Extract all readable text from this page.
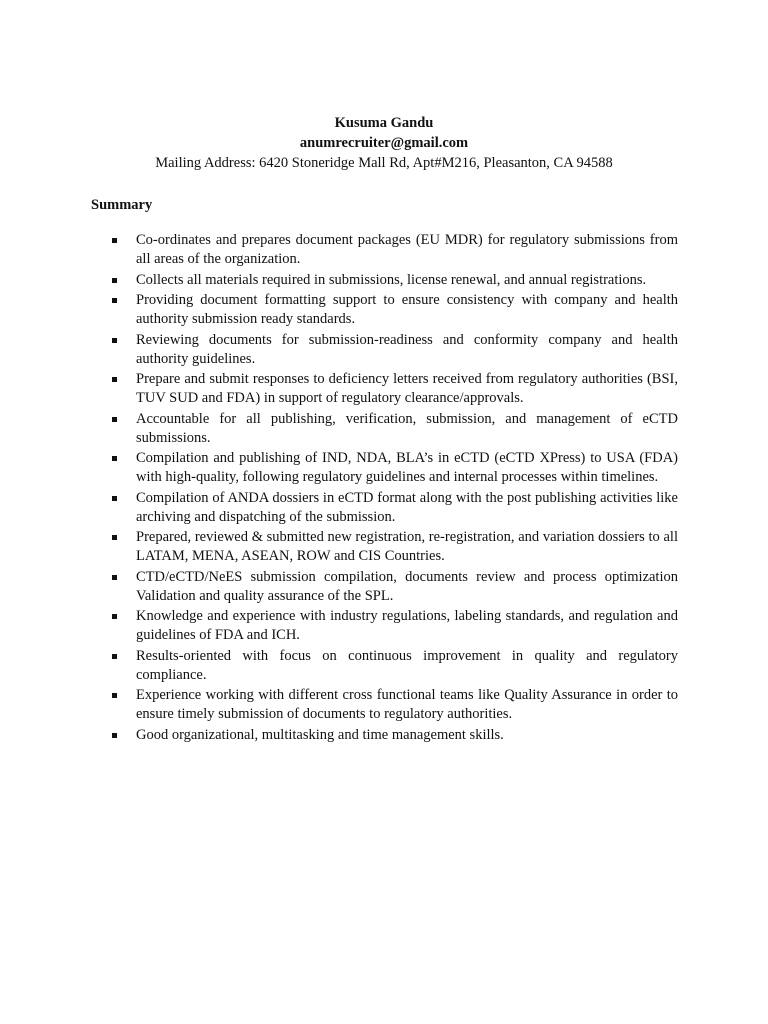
Kusuma Gandu
anumrecruiter@gmail.com
Mailing Address: 6420 Stoneridge Mall Rd, Apt#M216, Pleasanton, CA 94588
Summary
Co-ordinates and prepares document packages (EU MDR) for regulatory submissions from all areas of the organization.
Collects all materials required in submissions, license renewal, and annual registrations.
Providing document formatting support to ensure consistency with company and health authority submission ready standards.
Reviewing documents for submission-readiness and conformity company and health authority guidelines.
Prepare and submit responses to deficiency letters received from regulatory authorities (BSI, TUV SUD and FDA) in support of regulatory clearance/approvals.
Accountable for all publishing, verification, submission, and management of eCTD submissions.
Compilation and publishing of IND, NDA, BLA’s in eCTD (eCTD XPress) to USA (FDA) with high-quality, following regulatory guidelines and internal processes within timelines.
Compilation of ANDA dossiers in eCTD format along with the post publishing activities like archiving and dispatching of the submission.
Prepared, reviewed & submitted new registration, re-registration, and variation dossiers to all LATAM, MENA, ASEAN, ROW and CIS Countries.
CTD/eCTD/NeES submission compilation, documents review and process optimization Validation and quality assurance of the SPL.
Knowledge and experience with industry regulations, labeling standards, and regulation and guidelines of FDA and ICH.
Results-oriented with focus on continuous improvement in quality and regulatory compliance.
Experience working with different cross functional teams like Quality Assurance in order to ensure timely submission of documents to regulatory authorities.
Good organizational, multitasking and time management skills.
